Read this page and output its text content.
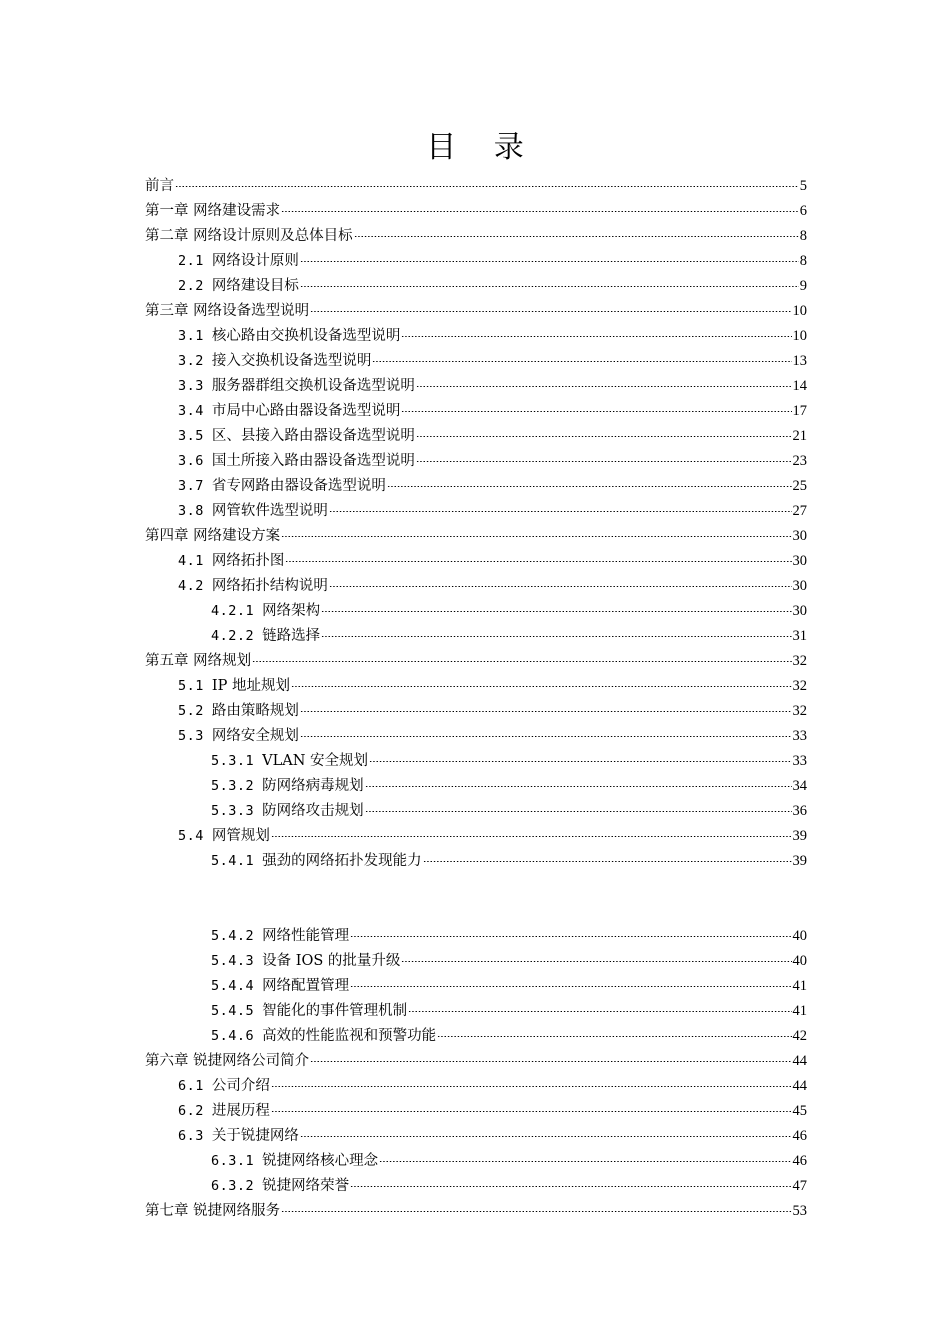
目 录
前言	5
第一章 网络建设需求	6
第二章 网络设计原则及总体目标	8
2.1 网络设计原则	8
2.2 网络建设目标	9
第三章 网络设备选型说明	10
3.1 核心路由交换机设备选型说明	10
3.2 接入交换机设备选型说明	13
3.3 服务器群组交换机设备选型说明	14
3.4 市局中心路由器设备选型说明	17
3.5 区、县接入路由器设备选型说明	21
3.6 国土所接入路由器设备选型说明	23
3.7 省专网路由器设备选型说明	25
3.8 网管软件选型说明	27
第四章 网络建设方案	30
4.1 网络拓扑图	30
4.2 网络拓扑结构说明	30
4.2.1 网络架构	30
4.2.2 链路选择	31
第五章 网络规划	32
5.1 IP 地址规划	32
5.2 路由策略规划	32
5.3 网络安全规划	33
5.3.1 VLAN 安全规划	33
5.3.2 防网络病毒规划	34
5.3.3 防网络攻击规划	36
5.4 网管规划	39
5.4.1 强劲的网络拓扑发现能力	39
5.4.2 网络性能管理	40
5.4.3 设备 IOS 的批量升级	40
5.4.4 网络配置管理	41
5.4.5 智能化的事件管理机制	41
5.4.6 高效的性能监视和预警功能	42
第六章 锐捷网络公司简介	44
6.1 公司介绍	44
6.2 进展历程	45
6.3 关于锐捷网络	46
6.3.1 锐捷网络核心理念	46
6.3.2 锐捷网络荣誉	47
第七章 锐捷网络服务	53
